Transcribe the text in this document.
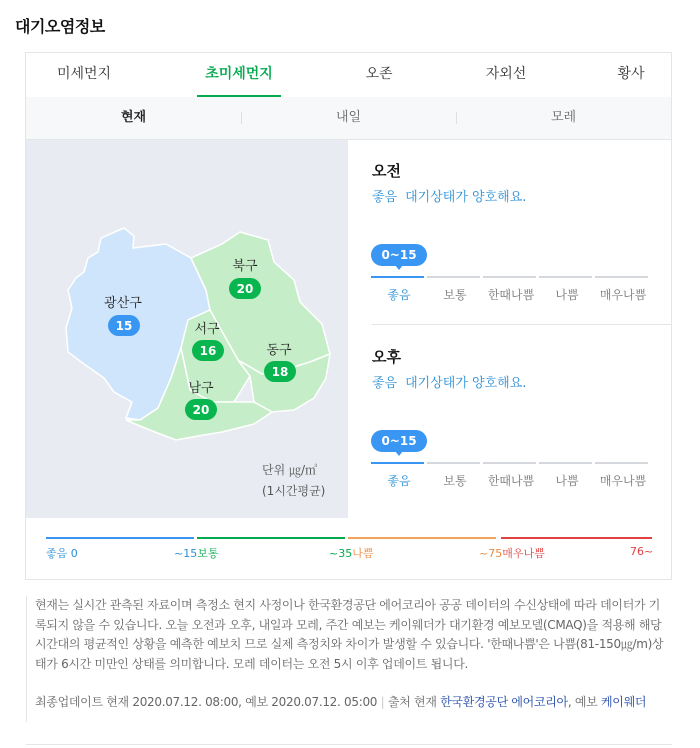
대기오염정보
미세먼지	초미세먼지	오존	자외선	황사
현재	내일	모레
광산구
15
북구
20
서구
16	동구
18
남구
20
단위 ㎍/㎥
(1시간평균)
오전
좋음 대기상태가 양호해요.
0~15
좋음	보통	한때나쁨	나쁨	매우나쁨
오후
좋음 대기상태가 양호해요.
0~15
좋음	보통	한때나쁨	나쁨	매우나쁨
좋음 0	~15보통	~35나쁨	~75매우나쁨	76~
현재는 실시간 관측된 자료이며 측정소 현지 사정이나 한국환경공단 에어코리아 공공 데이터의 수신상태에 따라 데이터가 기록되지 않을 수 있습니다. 오늘 오전과 오후, 내일과 모레, 주간 예보는 케이웨더가 대기환경 예보모델(CMAQ)을 적용해 해당 시간대의 평균적인 상황을 예측한 예보치 므로 실제 측정치와 차이가 발생할 수 있습니다. '한때나쁨'은 나쁨(81-150㎍/m)상태가 6시간 미만인 상태를 의미합니다. 모레 데이터는 오전 5시 이후 업데이트 됩니다.
최종업데이트 현재 2020.07.12. 08:00, 예보 2020.07.12. 05:00 | 출처 현재 한국환경공단 에어코리아, 예보 케이웨더
